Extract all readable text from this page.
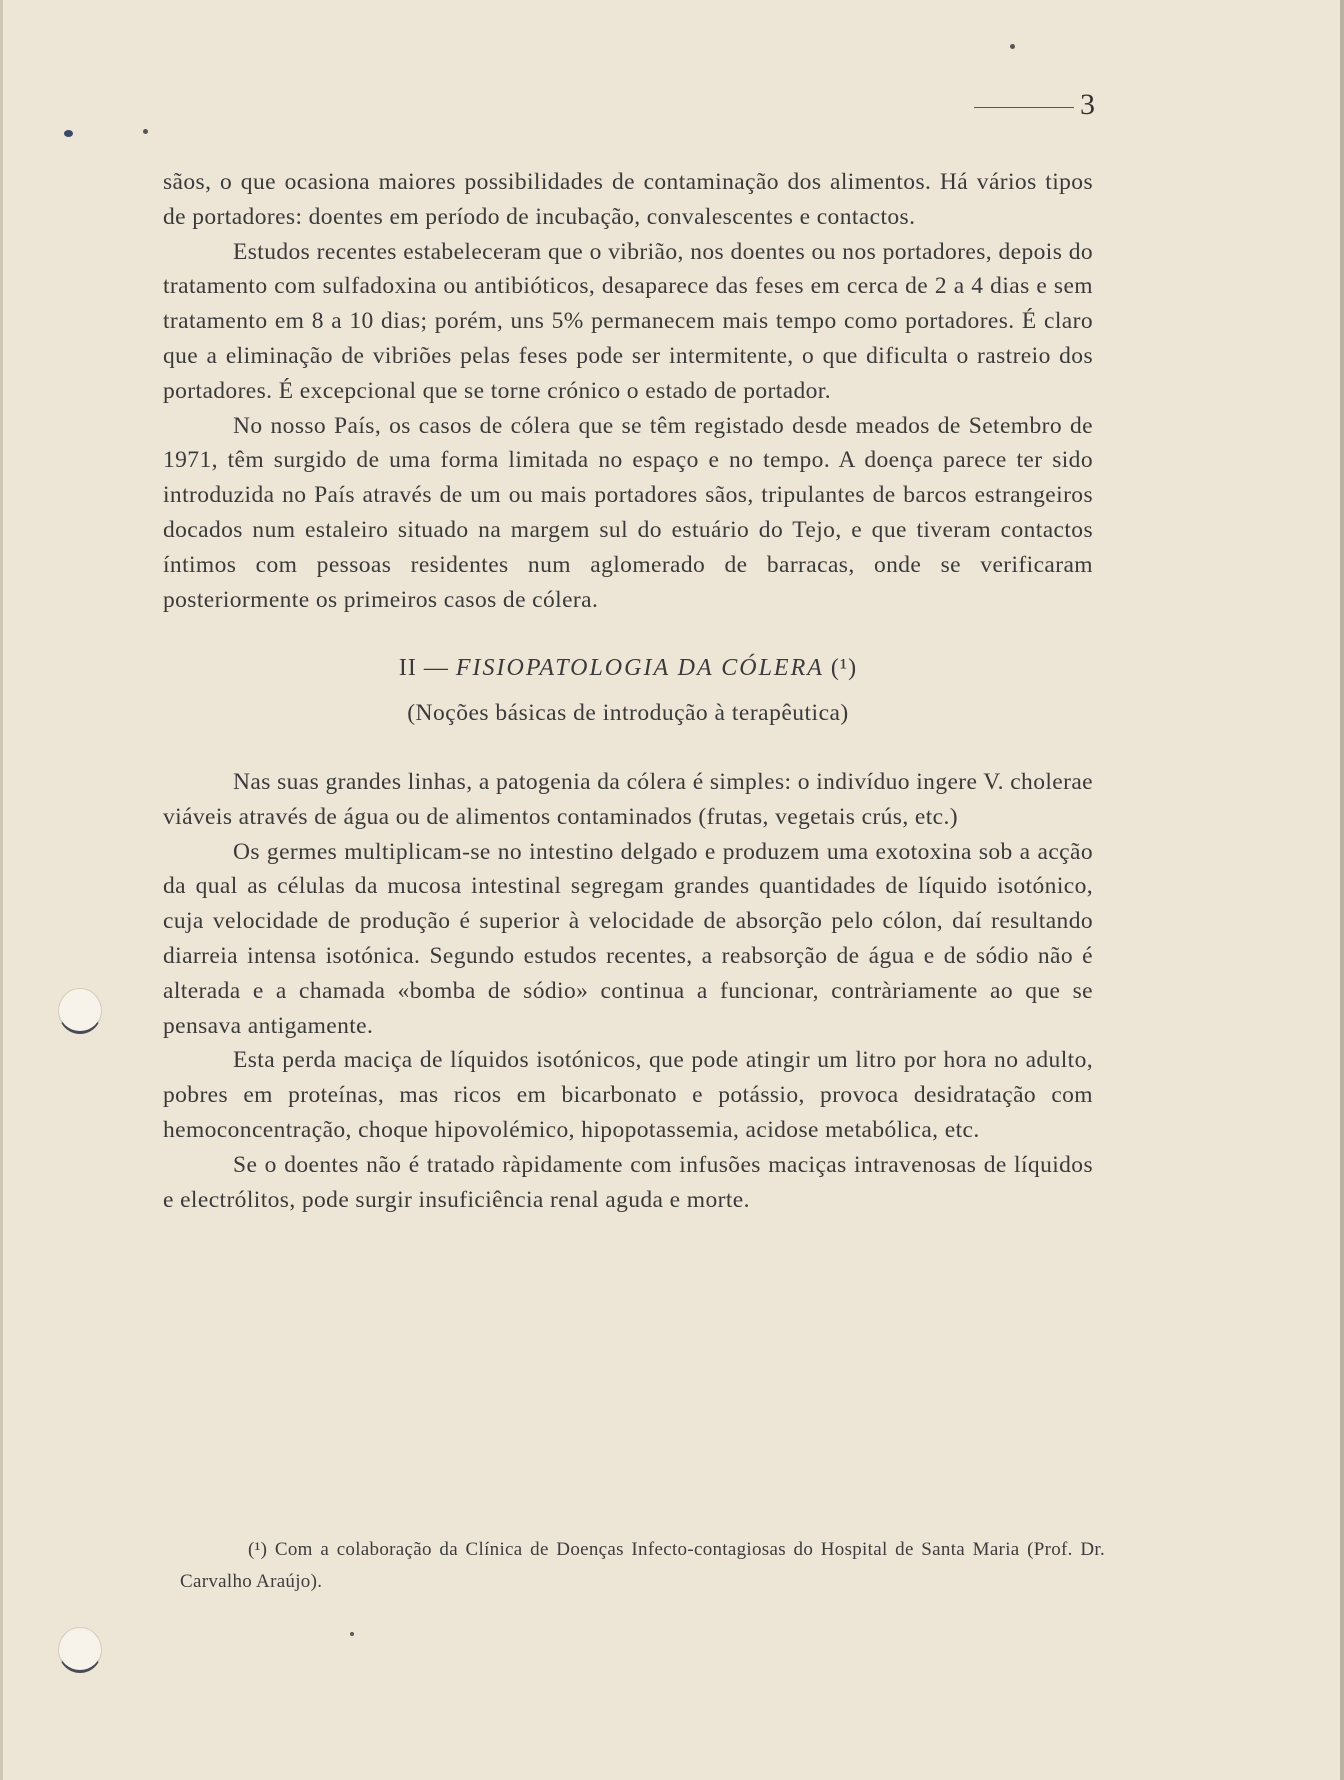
3

sãos, o que ocasiona maiores possibilidades de contaminação dos alimentos. Há vários tipos de portadores: doentes em período de incubação, convalescentes e contactos.

Estudos recentes estabeleceram que o vibrião, nos doentes ou nos portadores, depois do tratamento com sulfadoxina ou antibióticos, desaparece das feses em cerca de 2 a 4 dias e sem tratamento em 8 a 10 dias; porém, uns 5% permanecem mais tempo como portadores. É claro que a eliminação de vibriões pelas feses pode ser intermitente, o que dificulta o rastreio dos portadores. É excepcional que se torne crónico o estado de portador.

No nosso País, os casos de cólera que se têm registado desde meados de Setembro de 1971, têm surgido de uma forma limitada no espaço e no tempo. A doença parece ter sido introduzida no País através de um ou mais portadores sãos, tripulantes de barcos estrangeiros docados num estaleiro situado na margem sul do estuário do Tejo, e que tiveram contactos íntimos com pessoas residentes num aglomerado de barracas, onde se verificaram posteriormente os primeiros casos de cólera.

II — FISIOPATOLOGIA DA CÓLERA (¹)
(Noções básicas de introdução à terapêutica)

Nas suas grandes linhas, a patogenia da cólera é simples: o indivíduo ingere V. cholerae viáveis através de água ou de alimentos contaminados (frutas, vegetais crús, etc.)

Os germes multiplicam-se no intestino delgado e produzem uma exotoxina sob a acção da qual as células da mucosa intestinal segregam grandes quantidades de líquido isotónico, cuja velocidade de produção é superior à velocidade de absorção pelo cólon, daí resultando diarreia intensa isotónica. Segundo estudos recentes, a reabsorção de água e de sódio não é alterada e a chamada «bomba de sódio» continua a funcionar, contràriamente ao que se pensava antigamente.

Esta perda maciça de líquidos isotónicos, que pode atingir um litro por hora no adulto, pobres em proteínas, mas ricos em bicarbonato e potássio, provoca desidratação com hemoconcentração, choque hipovolémico, hipopotassemia, acidose metabólica, etc.

Se o doentes não é tratado ràpidamente com infusões maciças intravenosas de líquidos e electrólitos, pode surgir insuficiência renal aguda e morte.

(¹) Com a colaboração da Clínica de Doenças Infecto-contagiosas do Hospital de Santa Maria (Prof. Dr. Carvalho Araújo).
